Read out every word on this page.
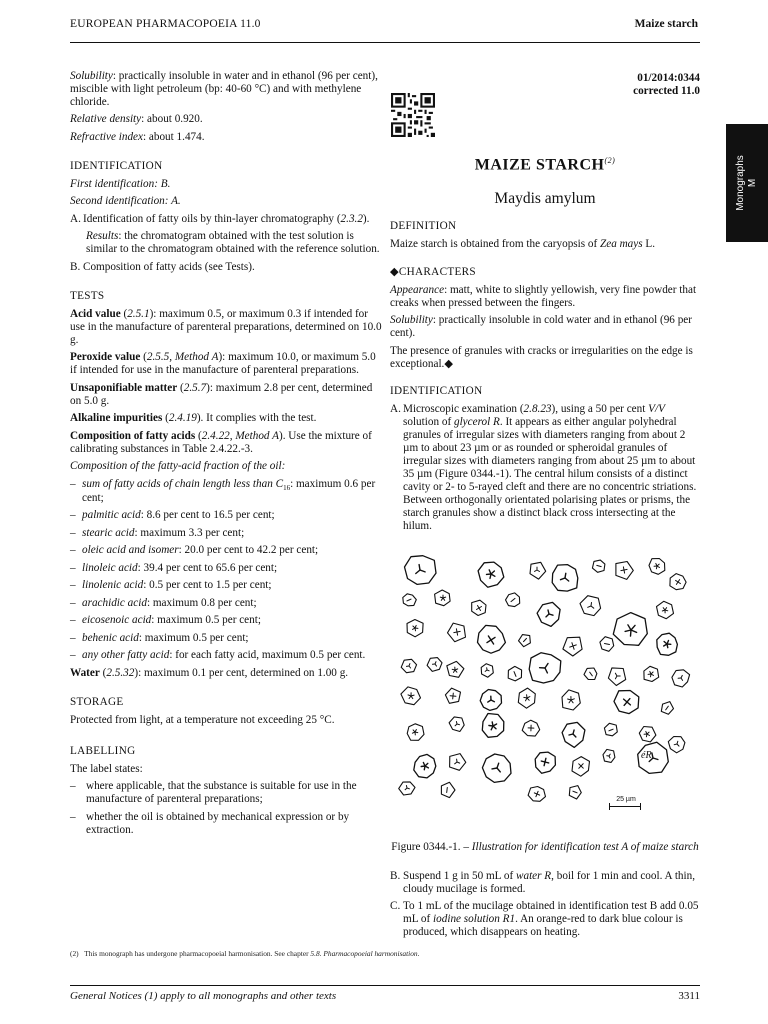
EUROPEAN PHARMACOPOEIA 11.0	Maize starch
Monographs M

Solubility: practically insoluble in water and in ethanol (96 per cent), miscible with light petroleum (bp: 40-60 °C) and with methylene chloride.

Relative density: about 0.920.

Refractive index: about 1.474.

IDENTIFICATION

First identification: B.

Second identification: A.

A. Identification of fatty oils by thin-layer chromatography (2.3.2).

Results: the chromatogram obtained with the test solution is similar to the chromatogram obtained with the reference solution.

B. Composition of fatty acids (see Tests).

TESTS

Acid value (2.5.1): maximum 0.5, or maximum 0.3 if intended for use in the manufacture of parenteral preparations, determined on 10.0 g.

Peroxide value (2.5.5, Method A): maximum 10.0, or maximum 5.0 if intended for use in the manufacture of parenteral preparations.

Unsaponifiable matter (2.5.7): maximum 2.8 per cent, determined on 5.0 g.

Alkaline impurities (2.4.19). It complies with the test.

Composition of fatty acids (2.4.22, Method A). Use the mixture of calibrating substances in Table 2.4.22.-3.

Composition of the fatty-acid fraction of the oil:

– sum of fatty acids of chain length less than $C_{16}$: maximum 0.6 per cent;
– palmitic acid: 8.6 per cent to 16.5 per cent;
– stearic acid: maximum 3.3 per cent;
– oleic acid and isomer: 20.0 per cent to 42.2 per cent;
– linoleic acid: 39.4 per cent to 65.6 per cent;
– linolenic acid: 0.5 per cent to 1.5 per cent;
– arachidic acid: maximum 0.8 per cent;
– eicosenoic acid: maximum 0.5 per cent;
– behenic acid: maximum 0.5 per cent;
– any other fatty acid: for each fatty acid, maximum 0.5 per cent.

Water (2.5.32): maximum 0.1 per cent, determined on 1.00 g.

STORAGE

Protected from light, at a temperature not exceeding 25 °C.

LABELLING

The label states:

– where applicable, that the substance is suitable for use in the manufacture of parenteral preparations;
– whether the oil is obtained by mechanical expression or by extraction.
01/2014:0344
corrected 11.0
MAIZE STARCH$^{(2)}$
Maydis amylum
DEFINITION

Maize starch is obtained from the caryopsis of Zea mays L.

◆CHARACTERS

Appearance: matt, white to slightly yellowish, very fine powder that creaks when pressed between the fingers.

Solubility: practically insoluble in cold water and in ethanol (96 per cent).

The presence of granules with cracks or irregularities on the edge is exceptional.◆

IDENTIFICATION

A. Microscopic examination (2.8.23), using a 50 per cent V/V solution of glycerol R. It appears as either angular polyhedral granules of irregular sizes with diameters ranging from about 2 µm to about 23 µm or as rounded or spheroidal granules of irregular sizes with diameters ranging from about 25 µm to about 35 µm (Figure 0344.-1). The central hilum consists of a distinct cavity or 2- to 5-rayed cleft and there are no concentric striations. Between orthogonally orientated polarising plates or prisms, the starch granules show a distinct black cross intersecting at the hilum.

éR
25 µm
Figure 0344.-1. – Illustration for identification test A of maize starch

B. Suspend 1 g in 50 mL of water R, boil for 1 min and cool. A thin, cloudy mucilage is formed.

C. To 1 mL of the mucilage obtained in identification test B add 0.05 mL of iodine solution R1. An orange-red to dark blue colour is produced, which disappears on heating.

(2) This monograph has undergone pharmacopoeial harmonisation. See chapter 5.8. Pharmacopoeial harmonisation.
General Notices (1) apply to all monographs and other texts	3311
